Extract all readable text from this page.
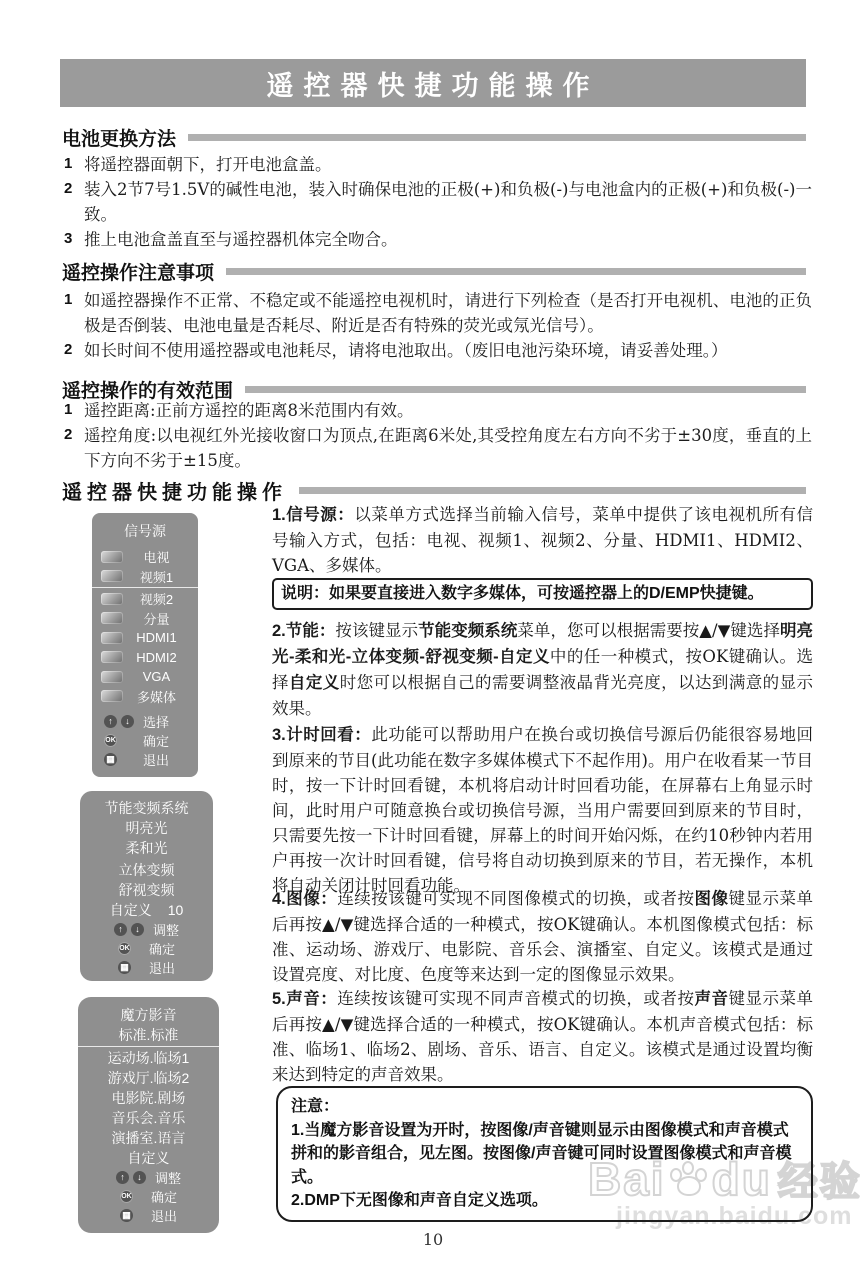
遥控器快捷功能操作
电池更换方法
1 将遥控器面朝下，打开电池盒盖。
2 装入2节7号1.5V的碱性电池，装入时确保电池的正极(+)和负极(-)与电池盒内的正极(+)和负极(-)一致。
3 推上电池盒盖直至与遥控器机体完全吻合。
遥控操作注意事项
1 如遥控器操作不正常、不稳定或不能遥控电视机时，请进行下列检查（是否打开电视机、电池的正负极是否倒装、电池电量是否耗尽、附近是否有特殊的荧光或氖光信号）。
2 如长时间不使用遥控器或电池耗尽，请将电池取出。（废旧电池污染环境，请妥善处理。）
遥控操作的有效范围
1 遥控距离:正前方遥控的距离8米范围内有效。
2 遥控角度:以电视红外光接收窗口为顶点,在距离6米处,其受控角度左右方向不劣于±30度，垂直的上下方向不劣于±15度。
遥控器快捷功能操作
信号源
电视
视频1
视频2
分量
HDMI1
HDMI2
VGA
多媒体
↑	↓	选择
OK 确定
▦ 退出
节能变频系统
明亮光
柔和光
立体变频
舒视变频
自定义 10
↑	↓	调整
OK 确定
▦ 退出
魔方影音
标准.标准
运动场.临场1
游戏厅.临场2
电影院.剧场
音乐会.音乐
演播室.语言
自定义
↑	↓	调整
OK 确定
▦ 退出
1.信号源：以菜单方式选择当前输入信号，菜单中提供了该电视机所有信号输入方式，包括：电视、视频1、视频2、分量、HDMI1、HDMI2、VGA、多媒体。
说明：如果要直接进入数字多媒体，可按遥控器上的D/EMP快捷键。
2.节能：按该键显示节能变频系统菜单，您可以根据需要按▲/▼键选择明亮光-柔和光-立体变频-舒视变频-自定义中的任一种模式，按OK键确认。选择自定义时您可以根据自己的需要调整液晶背光亮度，以达到满意的显示效果。
3.计时回看：此功能可以帮助用户在换台或切换信号源后仍能很容易地回到原来的节目(此功能在数字多媒体模式下不起作用)。用户在收看某一节目时，按一下计时回看键，本机将启动计时回看功能，在屏幕右上角显示时间，此时用户可随意换台或切换信号源，当用户需要回到原来的节目时，只需要先按一下计时回看键，屏幕上的时间开始闪烁，在约10秒钟内若用户再按一次计时回看键，信号将自动切换到原来的节目，若无操作，本机将自动关闭计时回看功能。
4.图像：连续按该键可实现不同图像模式的切换，或者按图像键显示菜单后再按▲/▼键选择合适的一种模式，按OK键确认。本机图像模式包括：标准、运动场、游戏厅、电影院、音乐会、演播室、自定义。该模式是通过设置亮度、对比度、色度等来达到一定的图像显示效果。
5.声音：连续按该键可实现不同声音模式的切换，或者按声音键显示菜单后再按▲/▼键选择合适的一种模式，按OK键确认。本机声音模式包括：标准、临场1、临场2、剧场、音乐、语言、自定义。该模式是通过设置均衡来达到特定的声音效果。
注意：
1.当魔方影音设置为开时，按图像/声音键则显示由图像模式和声音模式拼和的影音组合，见左图。按图像/声音键可同时设置图像模式和声音模式。
2.DMP下无图像和声音自定义选项。 Bai du 经验
jingyan.baidu.com
10
